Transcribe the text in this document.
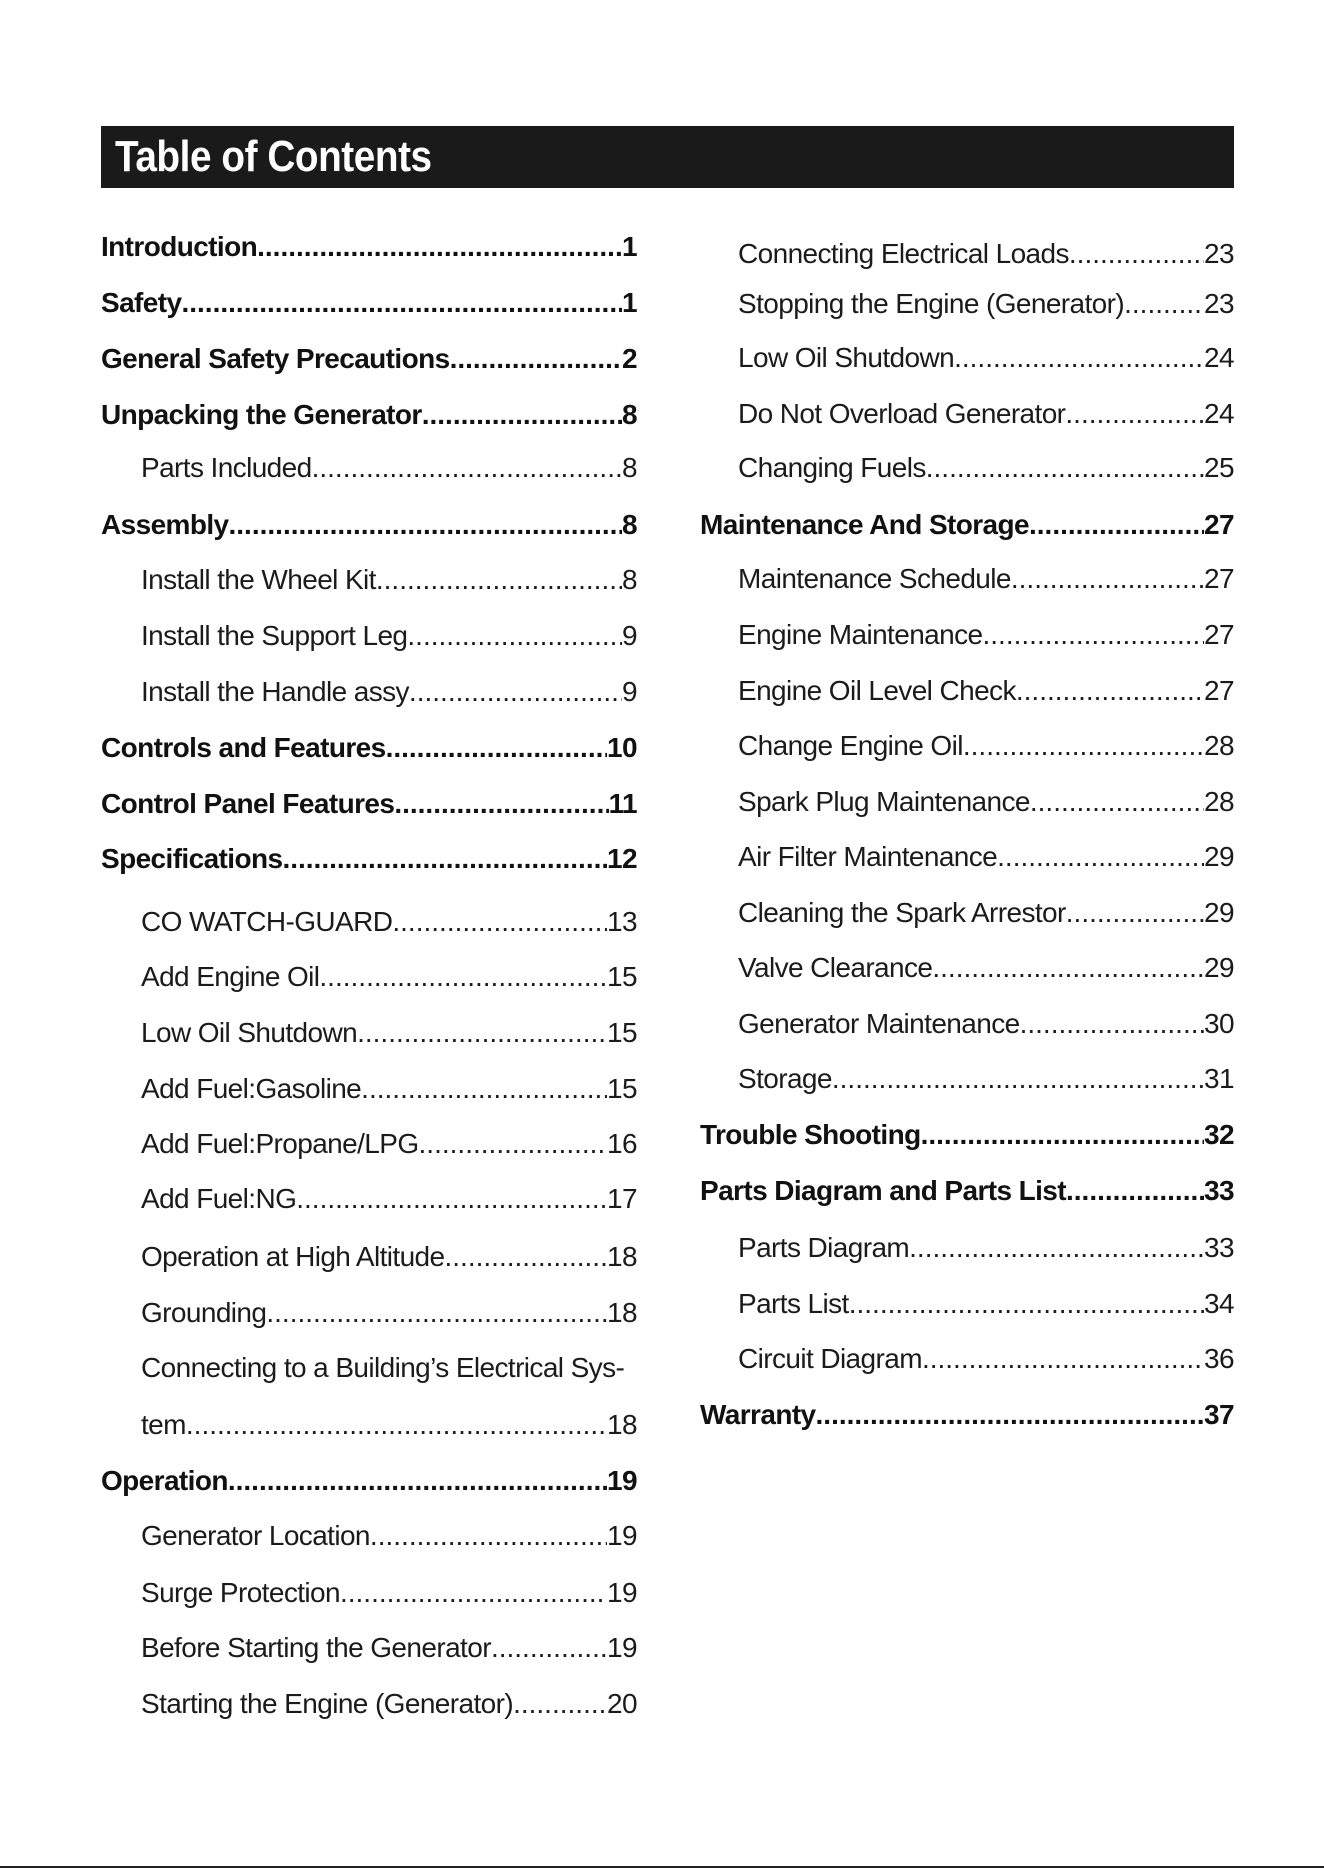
Table of Contents
Introduction .....	1
Safety .....	1
General Safety Precautions .....	2
Unpacking the Generator .....	8
Parts Included .....	8
Assembly .....	8
Install the Wheel Kit .....	8
Install the Support Leg .....	9
Install the Handle assy .....	9
Controls and Features .....	10
Control Panel Features .....	11
Specifications .....	12
CO WATCH-GUARD .....	13
Add Engine Oil .....	15
Low Oil Shutdown .....	15
Add Fuel:Gasoline .....	15
Add Fuel:Propane/LPG .....	16
Add Fuel:NG .....	17
Operation at High Altitude .....	18
Grounding .....	18
Connecting to a Building’s Electrical Sys-
tem .....	18
Operation .....	19
Generator Location .....	19
Surge Protection .....	19
Before Starting the Generator .....	19
Starting the Engine (Generator) .....	20
Connecting Electrical Loads .....	23
Stopping the Engine (Generator) .....	23
Low Oil Shutdown .....	24
Do Not Overload Generator .....	24
Changing Fuels .....	25
Maintenance And Storage .....	27
Maintenance Schedule .....	27
Engine Maintenance .....	27
Engine Oil Level Check .....	27
Change Engine Oil .....	28
Spark Plug Maintenance .....	28
Air Filter Maintenance .....	29
Cleaning the Spark Arrestor .....	29
Valve Clearance .....	29
Generator Maintenance .....	30
Storage .....	31
Trouble Shooting .....	32
Parts Diagram and Parts List .....	33
Parts Diagram .....	33
Parts List .....	34
Circuit Diagram .....	36
Warranty .....	37
